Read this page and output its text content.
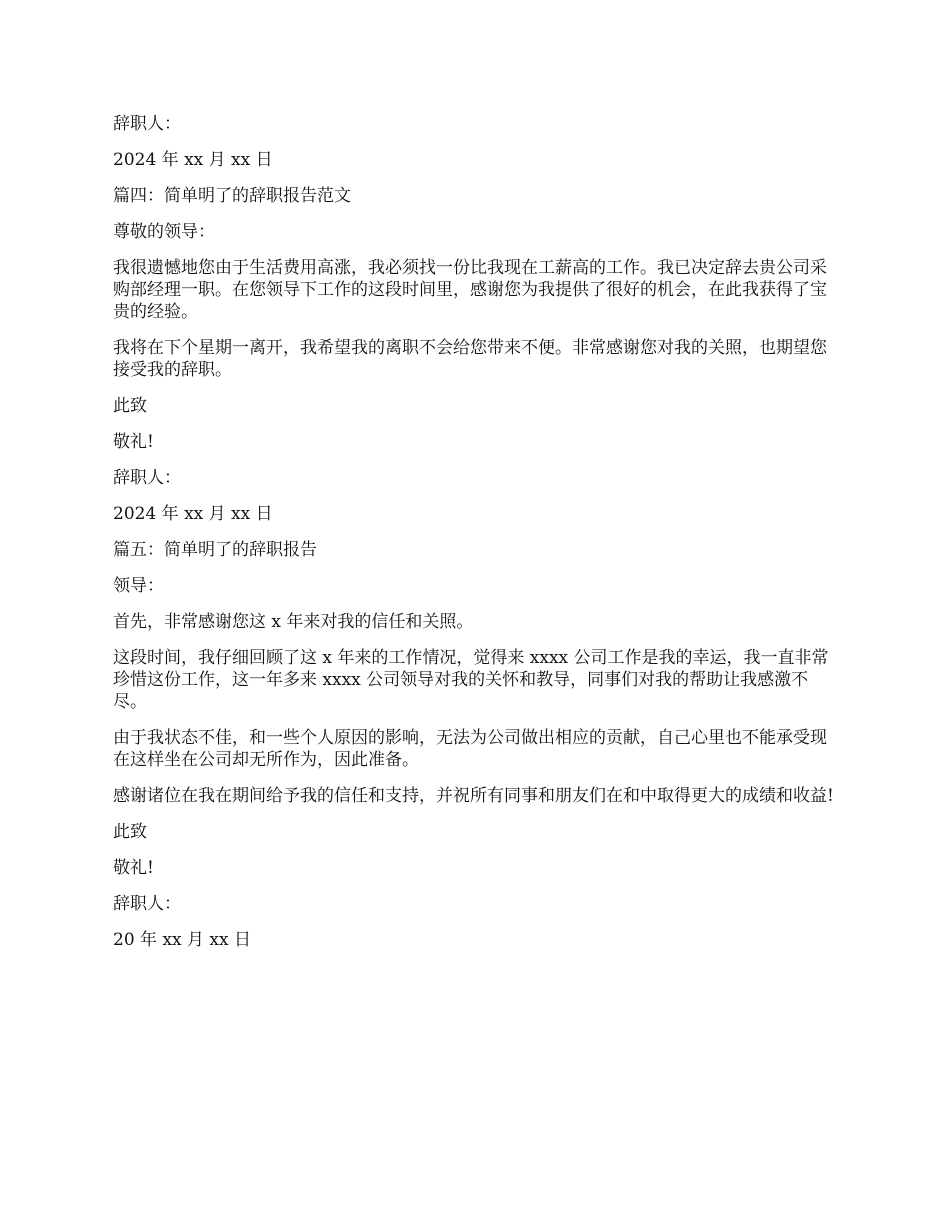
辞职人：

2024 年 xx 月 xx 日

篇四：简单明了的辞职报告范文

尊敬的领导：

我很遗憾地您由于生活费用高涨，我必须找一份比我现在工薪高的工作。我已决定辞去贵公司采购部经理一职。在您领导下工作的这段时间里，感谢您为我提供了很好的机会，在此我获得了宝贵的经验。

我将在下个星期一离开，我希望我的离职不会给您带来不便。非常感谢您对我的关照，也期望您接受我的辞职。

此致

敬礼!

辞职人：

2024 年 xx 月 xx 日

篇五：简单明了的辞职报告

领导：

首先，非常感谢您这 x 年来对我的信任和关照。

这段时间，我仔细回顾了这 x 年来的工作情况，觉得来 xxxx 公司工作是我的幸运，我一直非常珍惜这份工作，这一年多来 xxxx 公司领导对我的关怀和教导，同事们对我的帮助让我感激不尽。

由于我状态不佳，和一些个人原因的影响，无法为公司做出相应的贡献，自己心里也不能承受现在这样坐在公司却无所作为，因此准备。

感谢诸位在我在期间给予我的信任和支持，并祝所有同事和朋友们在和中取得更大的成绩和收益!

此致

敬礼!

辞职人：

20 年 xx 月 xx 日
